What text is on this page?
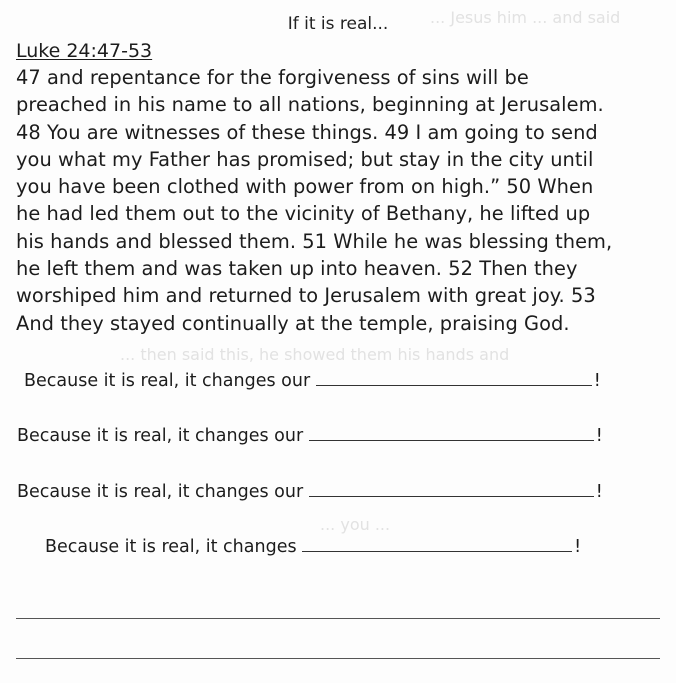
... Jesus him ... and said
... then said this, he showed them his hands and
... you ...
If it is real...
Luke 24:47-53
47 and repentance for the forgiveness of sins will be
preached in his name to all nations, beginning at Jerusalem.
48 You are witnesses of these things. 49 I am going to send
you what my Father has promised; but stay in the city until
you have been clothed with power from on high.” 50 When
he had led them out to the vicinity of Bethany, he lifted up
his hands and blessed them. 51 While he was blessing them,
he left them and was taken up into heaven. 52 Then they
worshiped him and returned to Jerusalem with great joy. 53
And they stayed continually at the temple, praising God.
Because it is real, it changes our	!
Because it is real, it changes our	!
Because it is real, it changes our	!
Because it is real, it changes	!
